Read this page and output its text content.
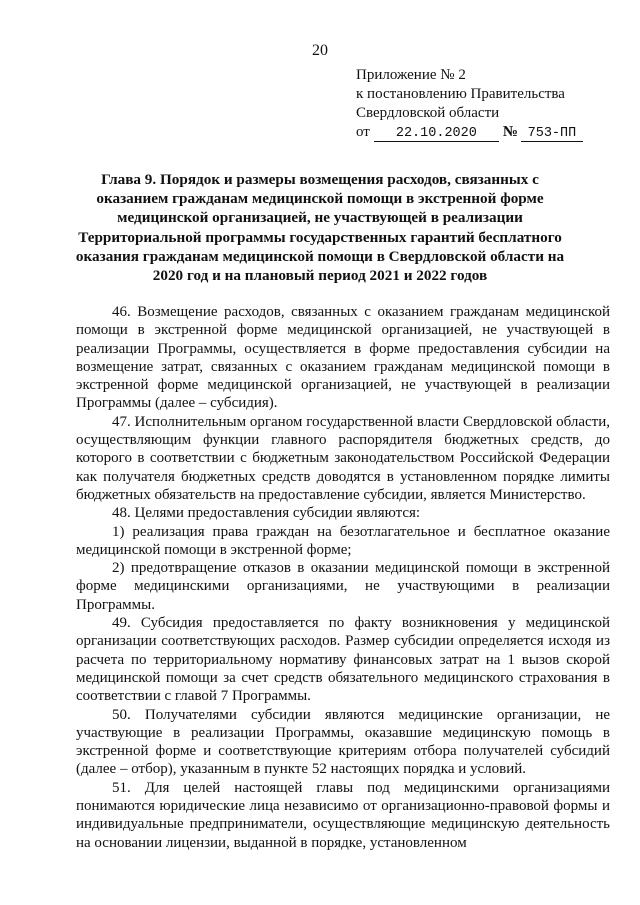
20
Приложение № 2
к постановлению Правительства
Свердловской области
от 22.10.2020 № 753-ПП
Глава 9. Порядок и размеры возмещения расходов, связанных с оказанием гражданам медицинской помощи в экстренной форме медицинской организацией, не участвующей в реализации Территориальной программы государственных гарантий бесплатного оказания гражданам медицинской помощи в Свердловской области на 2020 год и на плановый период 2021 и 2022 годов

46. Возмещение расходов, связанных с оказанием гражданам медицинской помощи в экстренной форме медицинской организацией, не участвующей в реализации Программы, осуществляется в форме предоставления субсидии на возмещение затрат, связанных с оказанием гражданам медицинской помощи в экстренной форме медицинской организацией, не участвующей в реализации Программы (далее – субсидия).

47. Исполнительным органом государственной власти Свердловской области, осуществляющим функции главного распорядителя бюджетных средств, до которого в соответствии с бюджетным законодательством Российской Федерации как получателя бюджетных средств доводятся в установленном порядке лимиты бюджетных обязательств на предоставление субсидии, является Министерство.

48. Целями предоставления субсидии являются:

1) реализация права граждан на безотлагательное и бесплатное оказание медицинской помощи в экстренной форме;

2) предотвращение отказов в оказании медицинской помощи в экстренной форме медицинскими организациями, не участвующими в реализации Программы.

49. Субсидия предоставляется по факту возникновения у медицинской организации соответствующих расходов. Размер субсидии определяется исходя из расчета по территориальному нормативу финансовых затрат на 1 вызов скорой медицинской помощи за счет средств обязательного медицинского страхования в соответствии с главой 7 Программы.

50. Получателями субсидии являются медицинские организации, не участвующие в реализации Программы, оказавшие медицинскую помощь в экстренной форме и соответствующие критериям отбора получателей субсидий (далее – отбор), указанным в пункте 52 настоящих порядка и условий.

51. Для целей настоящей главы под медицинскими организациями понимаются юридические лица независимо от организационно-правовой формы и индивидуальные предприниматели, осуществляющие медицинскую деятельность на основании лицензии, выданной в порядке, установленном
